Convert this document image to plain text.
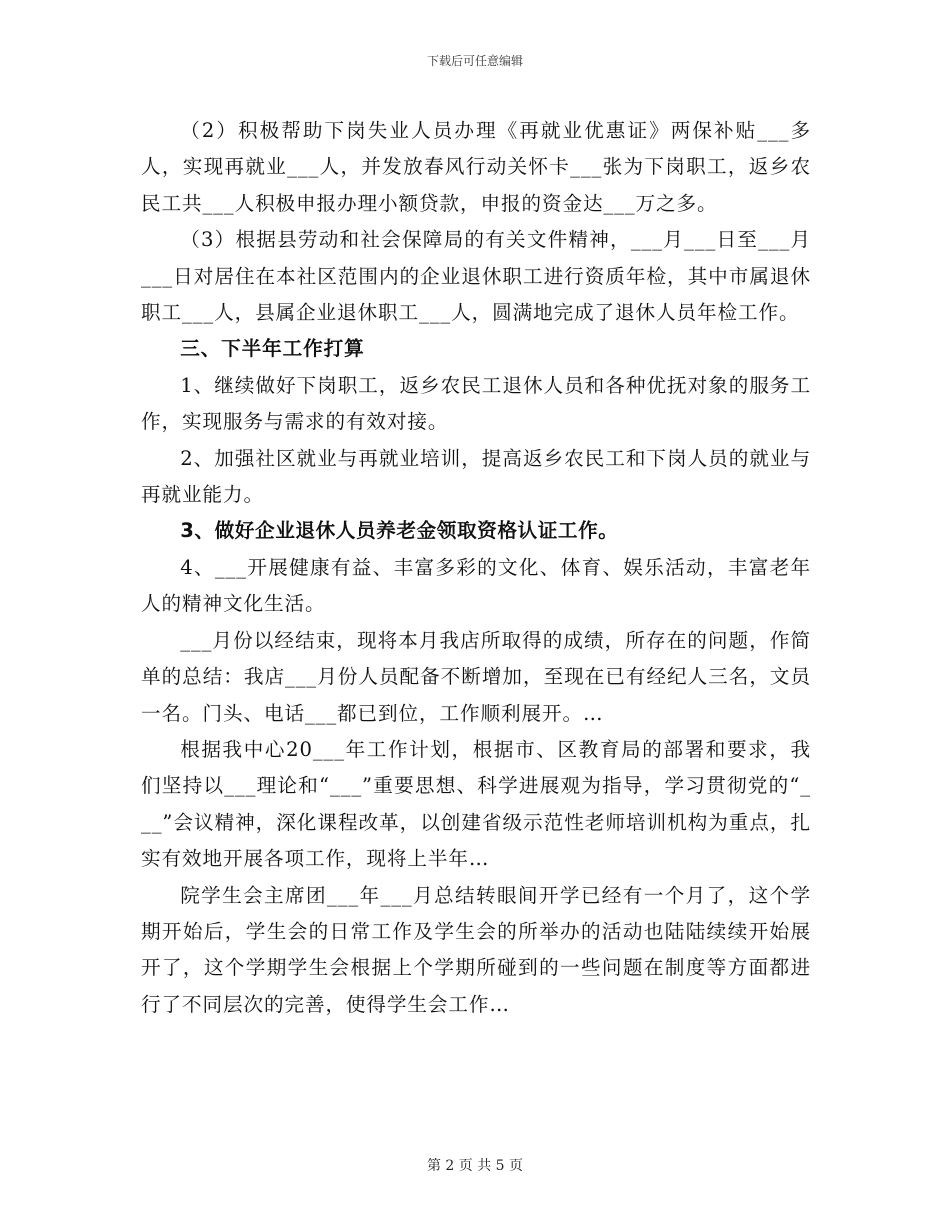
下载后可任意编辑

（2）积极帮助下岗失业人员办理《再就业优惠证》两保补贴___多人，实现再就业___人，并发放春风行动关怀卡___张为下岗职工，返乡农民工共___人积极申报办理小额贷款，申报的资金达___万之多。

（3）根据县劳动和社会保障局的有关文件精神，___月___日至___月___日对居住在本社区范围内的企业退休职工进行资质年检，其中市属退休职工___人，县属企业退休职工___人，圆满地完成了退休人员年检工作。

三、下半年工作打算

1、继续做好下岗职工，返乡农民工退休人员和各种优抚对象的服务工作，实现服务与需求的有效对接。

2、加强社区就业与再就业培训，提高返乡农民工和下岗人员的就业与再就业能力。

3、做好企业退休人员养老金领取资格认证工作。

4、___开展健康有益、丰富多彩的文化、体育、娱乐活动，丰富老年人的精神文化生活。

___月份以经结束，现将本月我店所取得的成绩，所存在的问题，作简单的总结：我店___月份人员配备不断增加，至现在已有经纪人三名，文员一名。门头、电话___都已到位，工作顺利展开。…

根据我中心20___年工作计划，根据市、区教育局的部署和要求，我们坚持以___理论和“___”重要思想、科学进展观为指导，学习贯彻党的“___”会议精神，深化课程改革，以创建省级示范性老师培训机构为重点，扎实有效地开展各项工作，现将上半年…

院学生会主席团___年___月总结转眼间开学已经有一个月了，这个学期开始后，学生会的日常工作及学生会的所举办的活动也陆陆续续开始展开了，这个学期学生会根据上个学期所碰到的一些问题在制度等方面都进行了不同层次的完善，使得学生会工作…

第 2 页 共 5 页
